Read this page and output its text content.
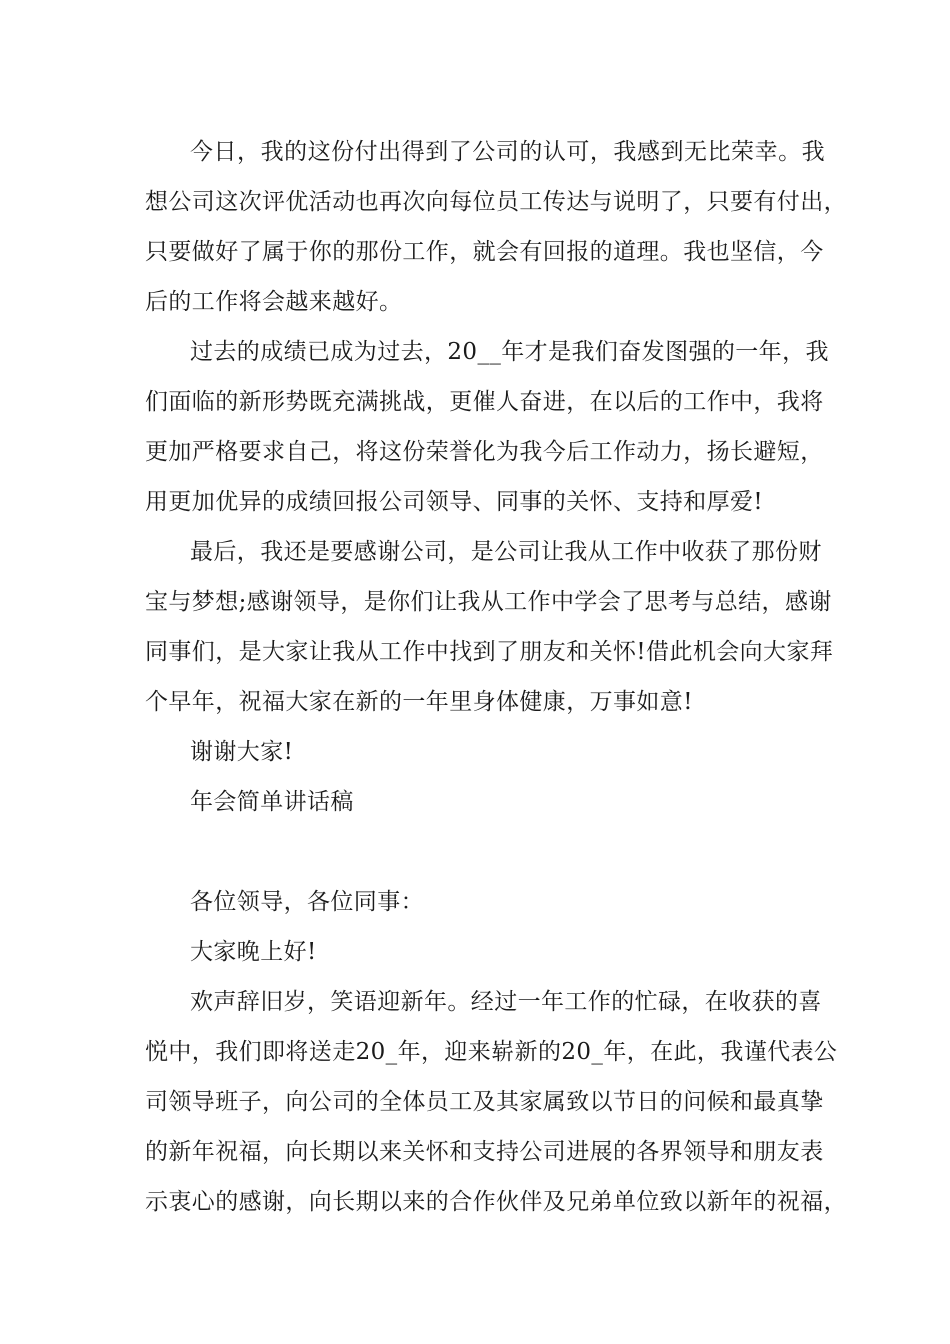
今日，我的这份付出得到了公司的认可，我感到无比荣幸。我
想公司这次评优活动也再次向每位员工传达与说明了，只要有付出，
只要做好了属于你的那份工作，就会有回报的道理。我也坚信，今
后的工作将会越来越好。
过去的成绩已成为过去，20__年才是我们奋发图强的一年，我
们面临的新形势既充满挑战，更催人奋进，在以后的工作中，我将
更加严格要求自己，将这份荣誉化为我今后工作动力，扬长避短，
用更加优异的成绩回报公司领导、同事的关怀、支持和厚爱!
最后，我还是要感谢公司，是公司让我从工作中收获了那份财
宝与梦想;感谢领导，是你们让我从工作中学会了思考与总结，感谢
同事们，是大家让我从工作中找到了朋友和关怀!借此机会向大家拜
个早年，祝福大家在新的一年里身体健康，万事如意!
谢谢大家!
年会简单讲话稿
各位领导，各位同事：
大家晚上好!
欢声辞旧岁，笑语迎新年。经过一年工作的忙碌，在收获的喜
悦中，我们即将送走20_年，迎来崭新的20_年，在此，我谨代表公
司领导班子，向公司的全体员工及其家属致以节日的问候和最真挚
的新年祝福，向长期以来关怀和支持公司进展的各界领导和朋友表
示衷心的感谢，向长期以来的合作伙伴及兄弟单位致以新年的祝福，
